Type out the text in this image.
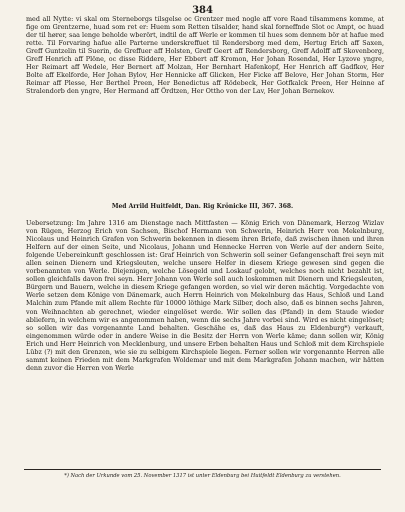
384

med all Nytte: vi skal om Sterneborgs tilsgelse oc Grentzer med nogle aff vore Raad tilsammens komme, at fige om Grentzerne, huad som ret er: Huem som Retten tilsalder, hand skal forneffnde Slot oc Ampt, oc huad der til hører, saa lenge beholde wberört, indtil de aff Werle er kommen til hues som dennem bör at hafue med rette. Til Forvaring hafue alle Parterne underskreffuet til Rendersborg med dem, Hertug Erich aff Saxen, Greff Guntzelin til Suerin, de Greffuer aff Holsten, Greff Geert aff Rendersborg, Greff Adolff aff Skovenborg, Greff Henrich aff Plöne, oc disse Riddere, Her Ebbert aff Kromon, Her Johan Rosendal, Her Lyzove yngre, Her Reimart aff Wedele, Her Bernert aff Molzan, Her Bernhart Hafenkopf, Her Henrich aff Gadfkov, Her Bolte aff Ekelforde, Her Johan Bylov, Her Hennicke aff Glicken, Her Ficke aff Belove, Her Johan Storm, Her Reimar aff Plesse, Her Berthel Preen, Her Benedictus aff Rödebeck, Her Gotfkalck Preen, Her Heinne af Stralendorb den yngre, Her Hermand aff Ördtzen, Her Ottho von der Lav, Her Johan Bernekov.

Med Arrild Huitfeldt, Dan. Rig Krönicke III, 367. 368.

Uebersetzung: Im Jahre 1316 am Dienstage nach Mittfasten — König Erich von Dänemark, Herzog Wizlav von Rügen, Herzog Erich von Sachsen, Bischof Hermann von Schwerin, Heinrich Herr von Mekelnburg, Nicolaus und Heinrich Grafen von Schwerin bekennen in diesem ihren Briefe, daß zwischen ihnen und ihren Helfern auf der einen Seite, und Nicolaus, Johann und Hennecke Herren von Werle auf der andern Seite, folgende Uebereinkunft geschlossen ist: Graf Heinrich von Schwerin soll seiner Gefangenschaft frei seyn mit allen seinen Dienern und Kriegsleuten, welche unsere Helfer in diesem Kriege gewesen sind gegen die vorbenannten von Werle. Diejenigen, welche Lösegeld und Loskauf gelobt, welches noch nicht bezahlt ist, sollen gleichfalls davon frei seyn. Herr Johann von Werle soll auch loskommen mit Dienern und Kriegsleuten, Bürgern und Bauern, welche in diesem Kriege gefangen worden, so viel wir deren mächtig. Vorgedachte von Werle setzen dem Könige von Dänemark, auch Herrn Heinrich von Mekelnburg das Haus, Schloß und Land Malchin zum Pfande mit allem Rechte für 10000 löthige Mark Silber, doch also, daß es binnen sechs Jahren, von Weihnachten ab gerechnet, wieder eingelöset werde. Wir sollen das (Pfand) in dem Staude wieder abliefern, in welchem wir es angenommen haben, wenn die sechs Jahre vorbei sind. Wird es nicht eingelöset; so sollen wir das vorgenannte Land behalten. Geschähe es, daß das Haus zu Eldenburg*) verkauft, eingenommen würde oder in andere Weise in die Besitz der Herrn von Werle käme; dann sollen wir, König Erich und Herr Heinrich von Mecklenburg, und unsere Erben behalten Haus und Schloß mit dem Kirchspiele Lübz (?) mit den Grenzen, wie sie zu selbigem Kirchspiele liegen. Ferner sollen wir vorgenannte Herren alle sammt keinen Frieden mit dem Markgrafen Woldemar und mit dem Markgrafen Johann machen, wir hätten denn zuvor die Herren von Werle

*) Nach der Urkunde vom 25. November 1317 ist unter Eldenburg bei Huitfeldt Eldenburg zu verstehen.
